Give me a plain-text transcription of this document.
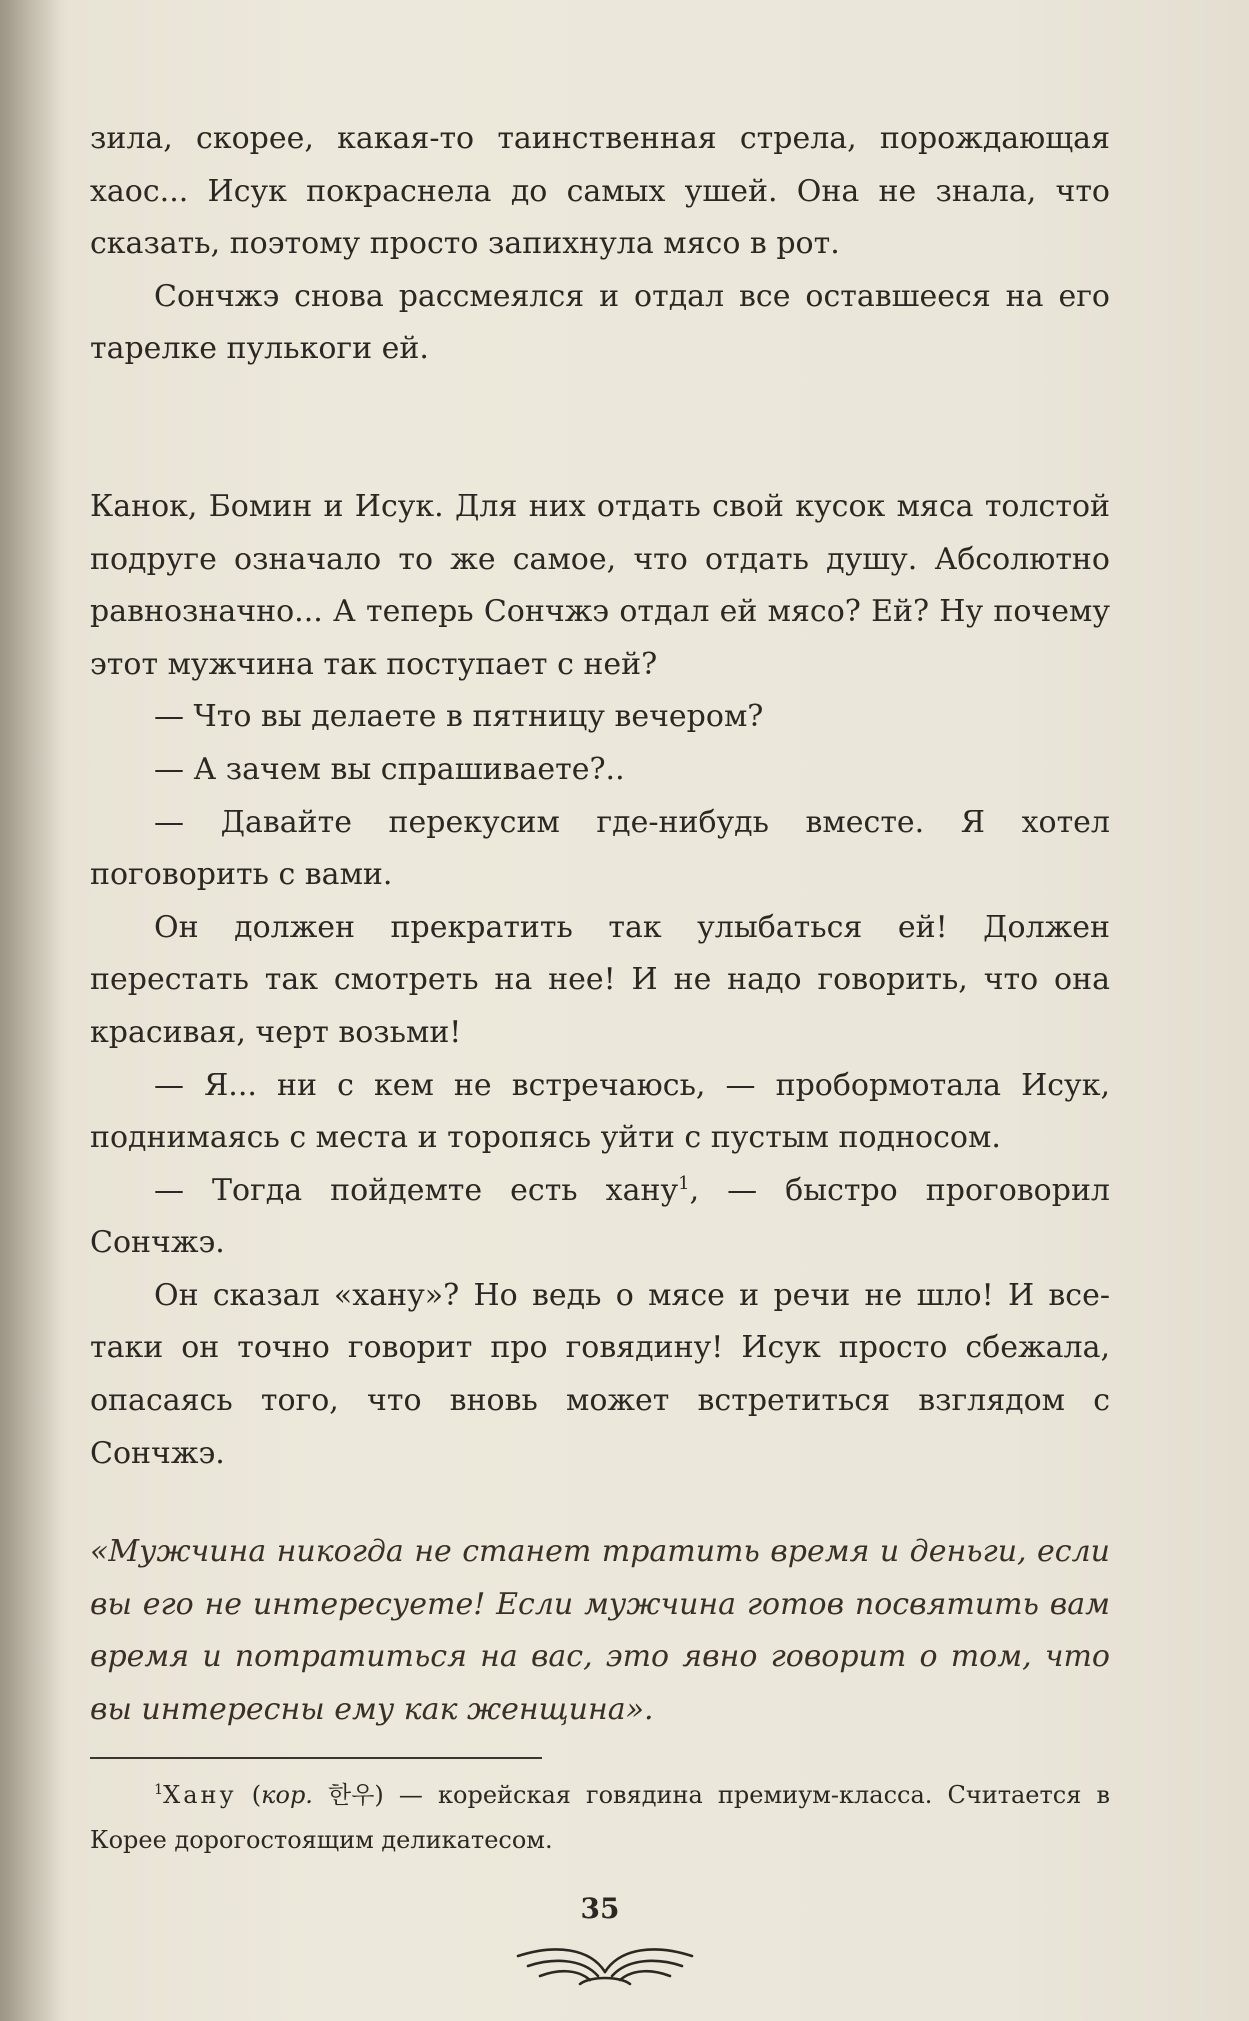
зила, скорее, какая-то таинственная стрела, порождающая хаос... Исук покраснела до самых ушей. Она не знала, что сказать, поэтому просто запихнула мясо в рот.

Сончжэ снова рассмеялся и отдал все оставшееся на его тарелке пулькоги ей.

Канок, Бомин и Исук. Для них отдать свой кусок мяса толстой подруге означало то же самое, что отдать душу. Абсолютно равнозначно... А теперь Сончжэ отдал ей мясо? Ей? Ну почему этот мужчина так поступает с ней?

— Что вы делаете в пятницу вечером?

— А зачем вы спрашиваете?..

— Давайте перекусим где-нибудь вместе. Я хотел поговорить с вами.

Он должен прекратить так улыбаться ей! Должен перестать так смотреть на нее! И не надо говорить, что она красивая, черт возьми!

— Я... ни с кем не встречаюсь, — пробормотала Исук, поднимаясь с места и торопясь уйти с пустым подносом.

— Тогда пойдемте есть хану$^1$, — быстро проговорил Сончжэ.

Он сказал «хану»? Но ведь о мясе и речи не шло! И все-таки он точно говорит про говядину! Исук просто сбежала, опасаясь того, что вновь может встретиться взглядом с Сончжэ.

«Мужчина никогда не станет тратить время и деньги, если вы его не интересуете! Если мужчина готов посвятить вам время и потратиться на вас, это явно говорит о том, что вы интересны ему как женщина».

$^1$Хану (кор. 한우) — корейская говядина премиум-класса. Считается в Корее дорогостоящим деликатесом.
35
